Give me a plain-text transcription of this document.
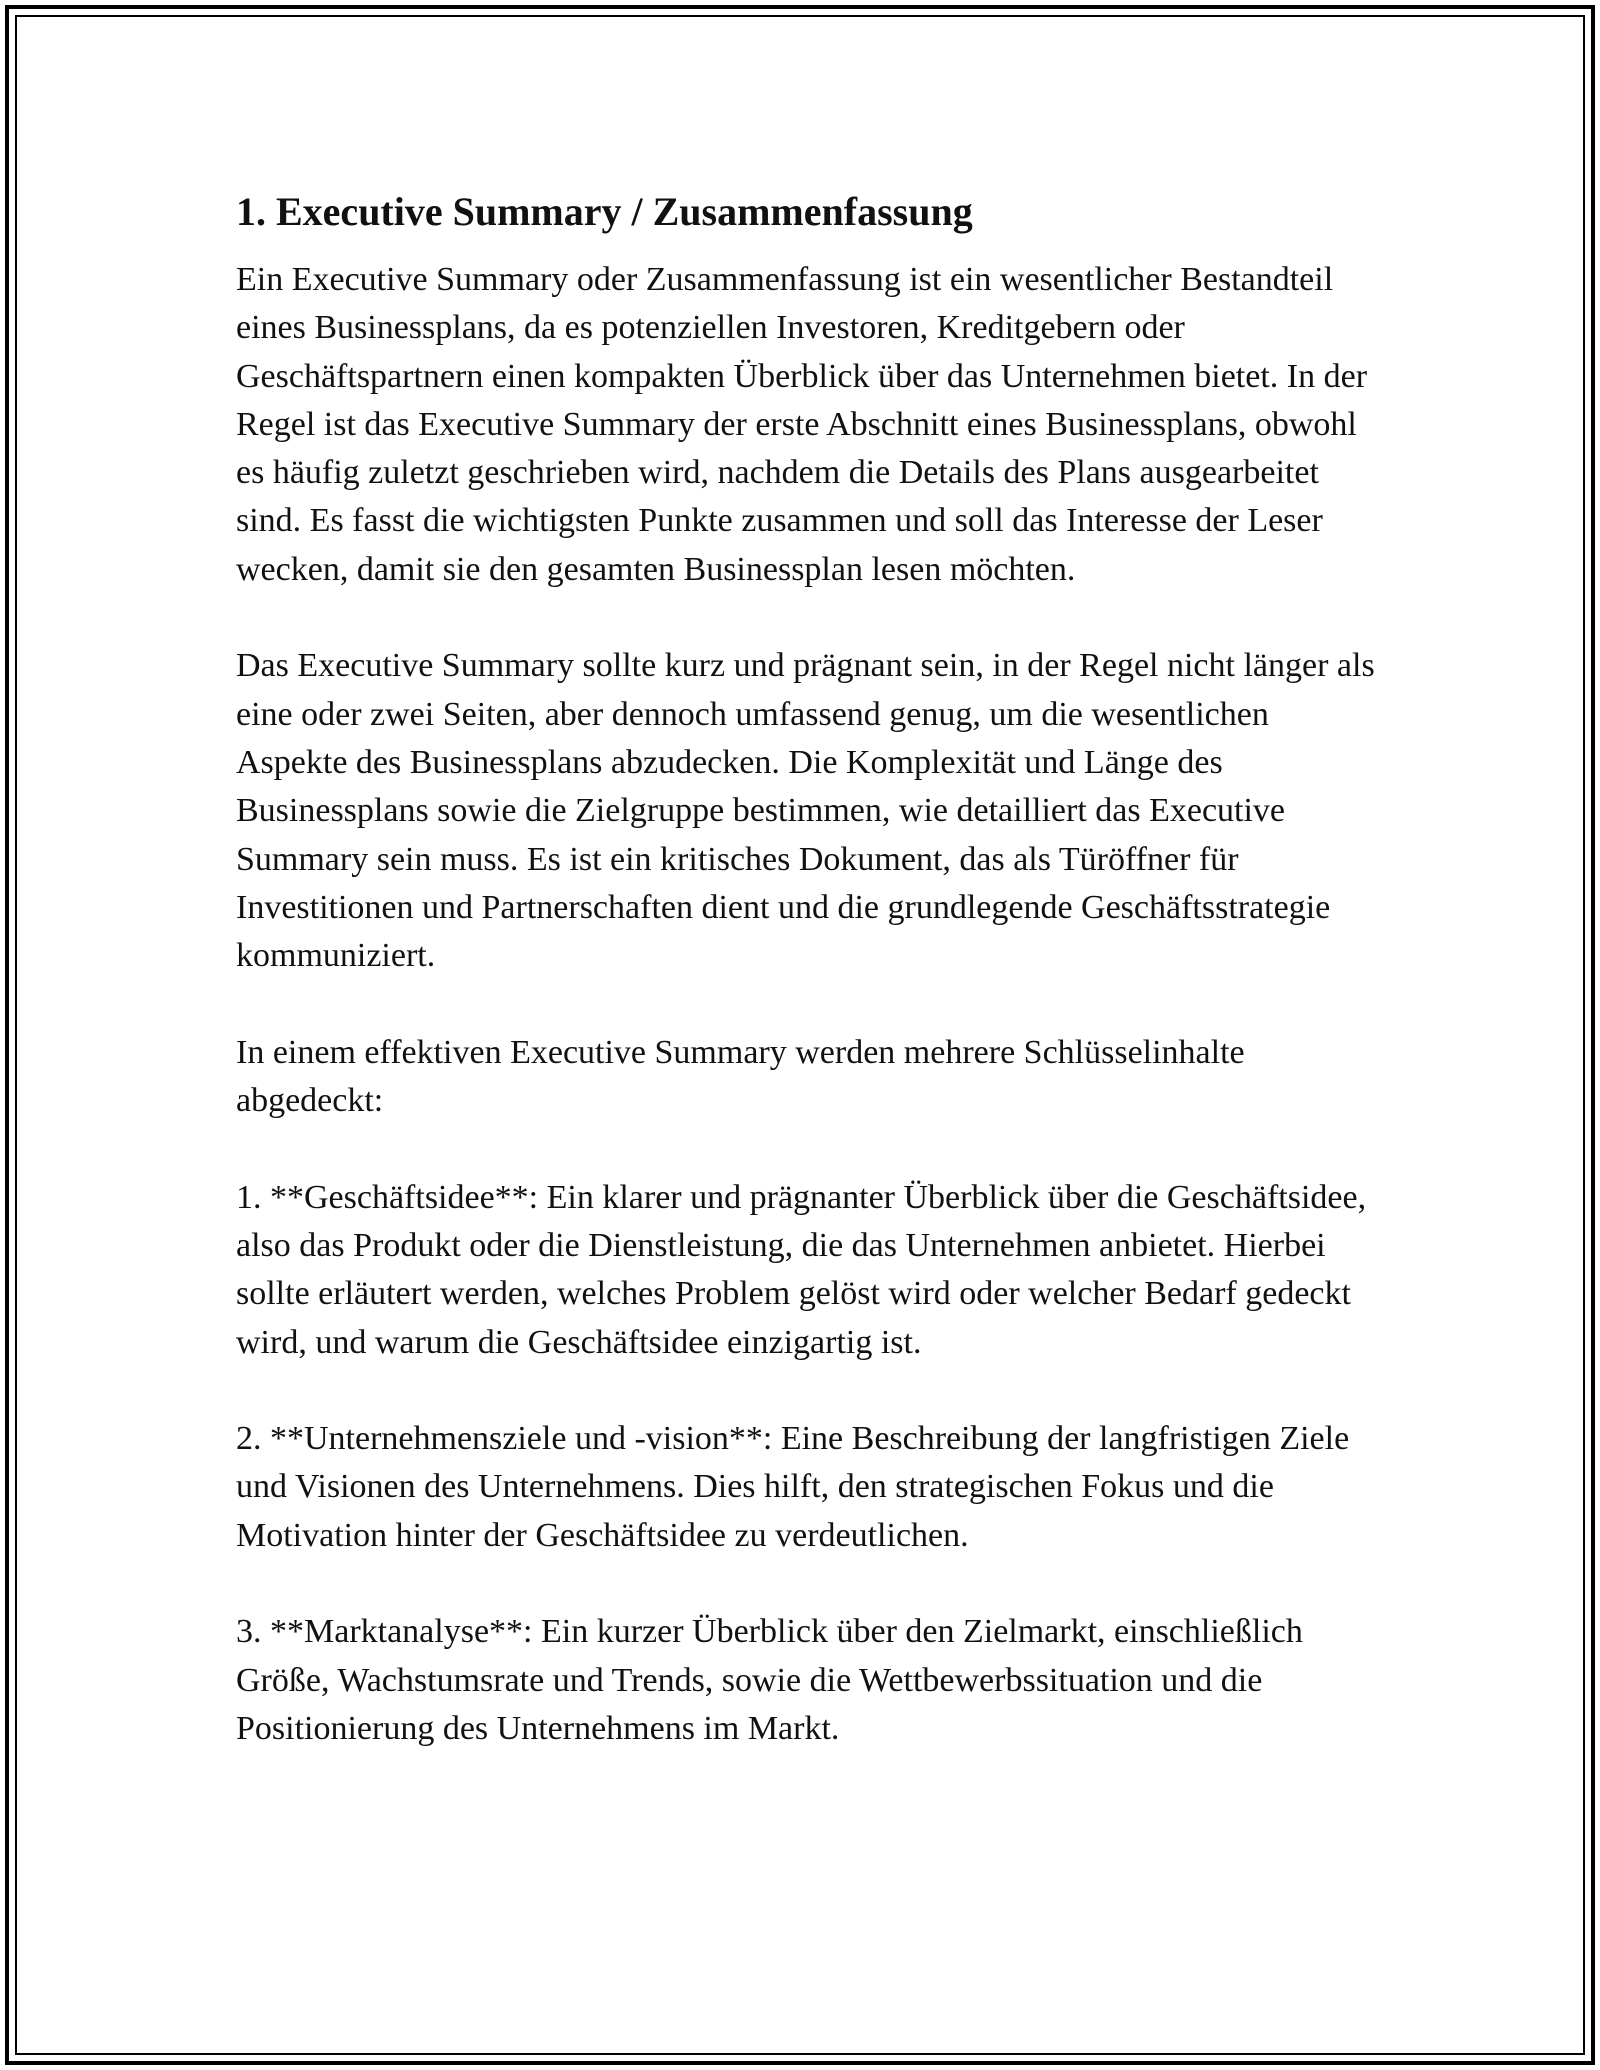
1. Executive Summary / Zusammenfassung

Ein Executive Summary oder Zusammenfassung ist ein wesentlicher Bestandteil eines Businessplans, da es potenziellen Investoren, Kreditgebern oder Geschäftspartnern einen kompakten Überblick über das Unternehmen bietet. In der Regel ist das Executive Summary der erste Abschnitt eines Businessplans, obwohl es häufig zuletzt geschrieben wird, nachdem die Details des Plans ausgearbeitet sind. Es fasst die wichtigsten Punkte zusammen und soll das Interesse der Leser wecken, damit sie den gesamten Businessplan lesen möchten.

Das Executive Summary sollte kurz und prägnant sein, in der Regel nicht länger als eine oder zwei Seiten, aber dennoch umfassend genug, um die wesentlichen Aspekte des Businessplans abzudecken. Die Komplexität und Länge des Businessplans sowie die Zielgruppe bestimmen, wie detailliert das Executive Summary sein muss. Es ist ein kritisches Dokument, das als Türöffner für Investitionen und Partnerschaften dient und die grundlegende Geschäftsstrategie kommuniziert.

In einem effektiven Executive Summary werden mehrere Schlüsselinhalte abgedeckt:

1. **Geschäftsidee**: Ein klarer und prägnanter Überblick über die Geschäftsidee, also das Produkt oder die Dienstleistung, die das Unternehmen anbietet. Hierbei sollte erläutert werden, welches Problem gelöst wird oder welcher Bedarf gedeckt wird, und warum die Geschäftsidee einzigartig ist.

2. **Unternehmensziele und -vision**: Eine Beschreibung der langfristigen Ziele und Visionen des Unternehmens. Dies hilft, den strategischen Fokus und die Motivation hinter der Geschäftsidee zu verdeutlichen.

3. **Marktanalyse**: Ein kurzer Überblick über den Zielmarkt, einschließlich Größe, Wachstumsrate und Trends, sowie die Wettbewerbssituation und die Positionierung des Unternehmens im Markt.
